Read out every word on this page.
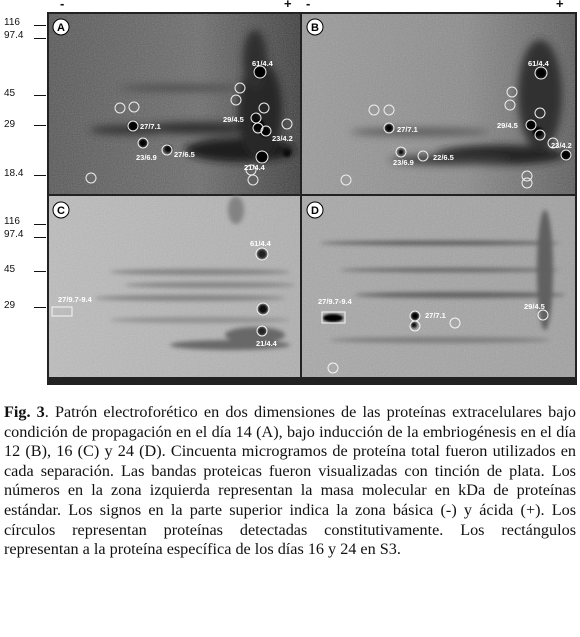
-	+ -	+
116
97.4
45
29
18.4
116
97.4
45
29
A	B
C	D
61/4.4
29/4.5
23/4.2
21/4.4
27/7.1
23/6.9 27/6.5
61/4.4
29/4.5
23/4.2
27/7.1
23/6.9
22/6.5
61/4.4
27/9.7-9.4
21/4.4
27/9.7-9.4
27/7.1
29/4.5
Fig. 3. Patrón electroforético en dos dimensiones de las proteínas extracelulares bajo condición de propagación en el día 14 (A), bajo inducción de la embriogénesis en el día 12 (B), 16 (C) y 24 (D). Cincuenta microgramos de proteína total fueron utilizados en cada separación. Las bandas proteicas fueron visualizadas con tinción de plata. Los números en la zona izquierda representan la masa molecular en kDa de proteínas estándar. Los signos en la parte superior indica la zona básica (-) y ácida (+). Los círculos representan proteínas detectadas constitutivamente. Los rectángulos representan a la proteína específica de los días 16 y 24 en S3.
